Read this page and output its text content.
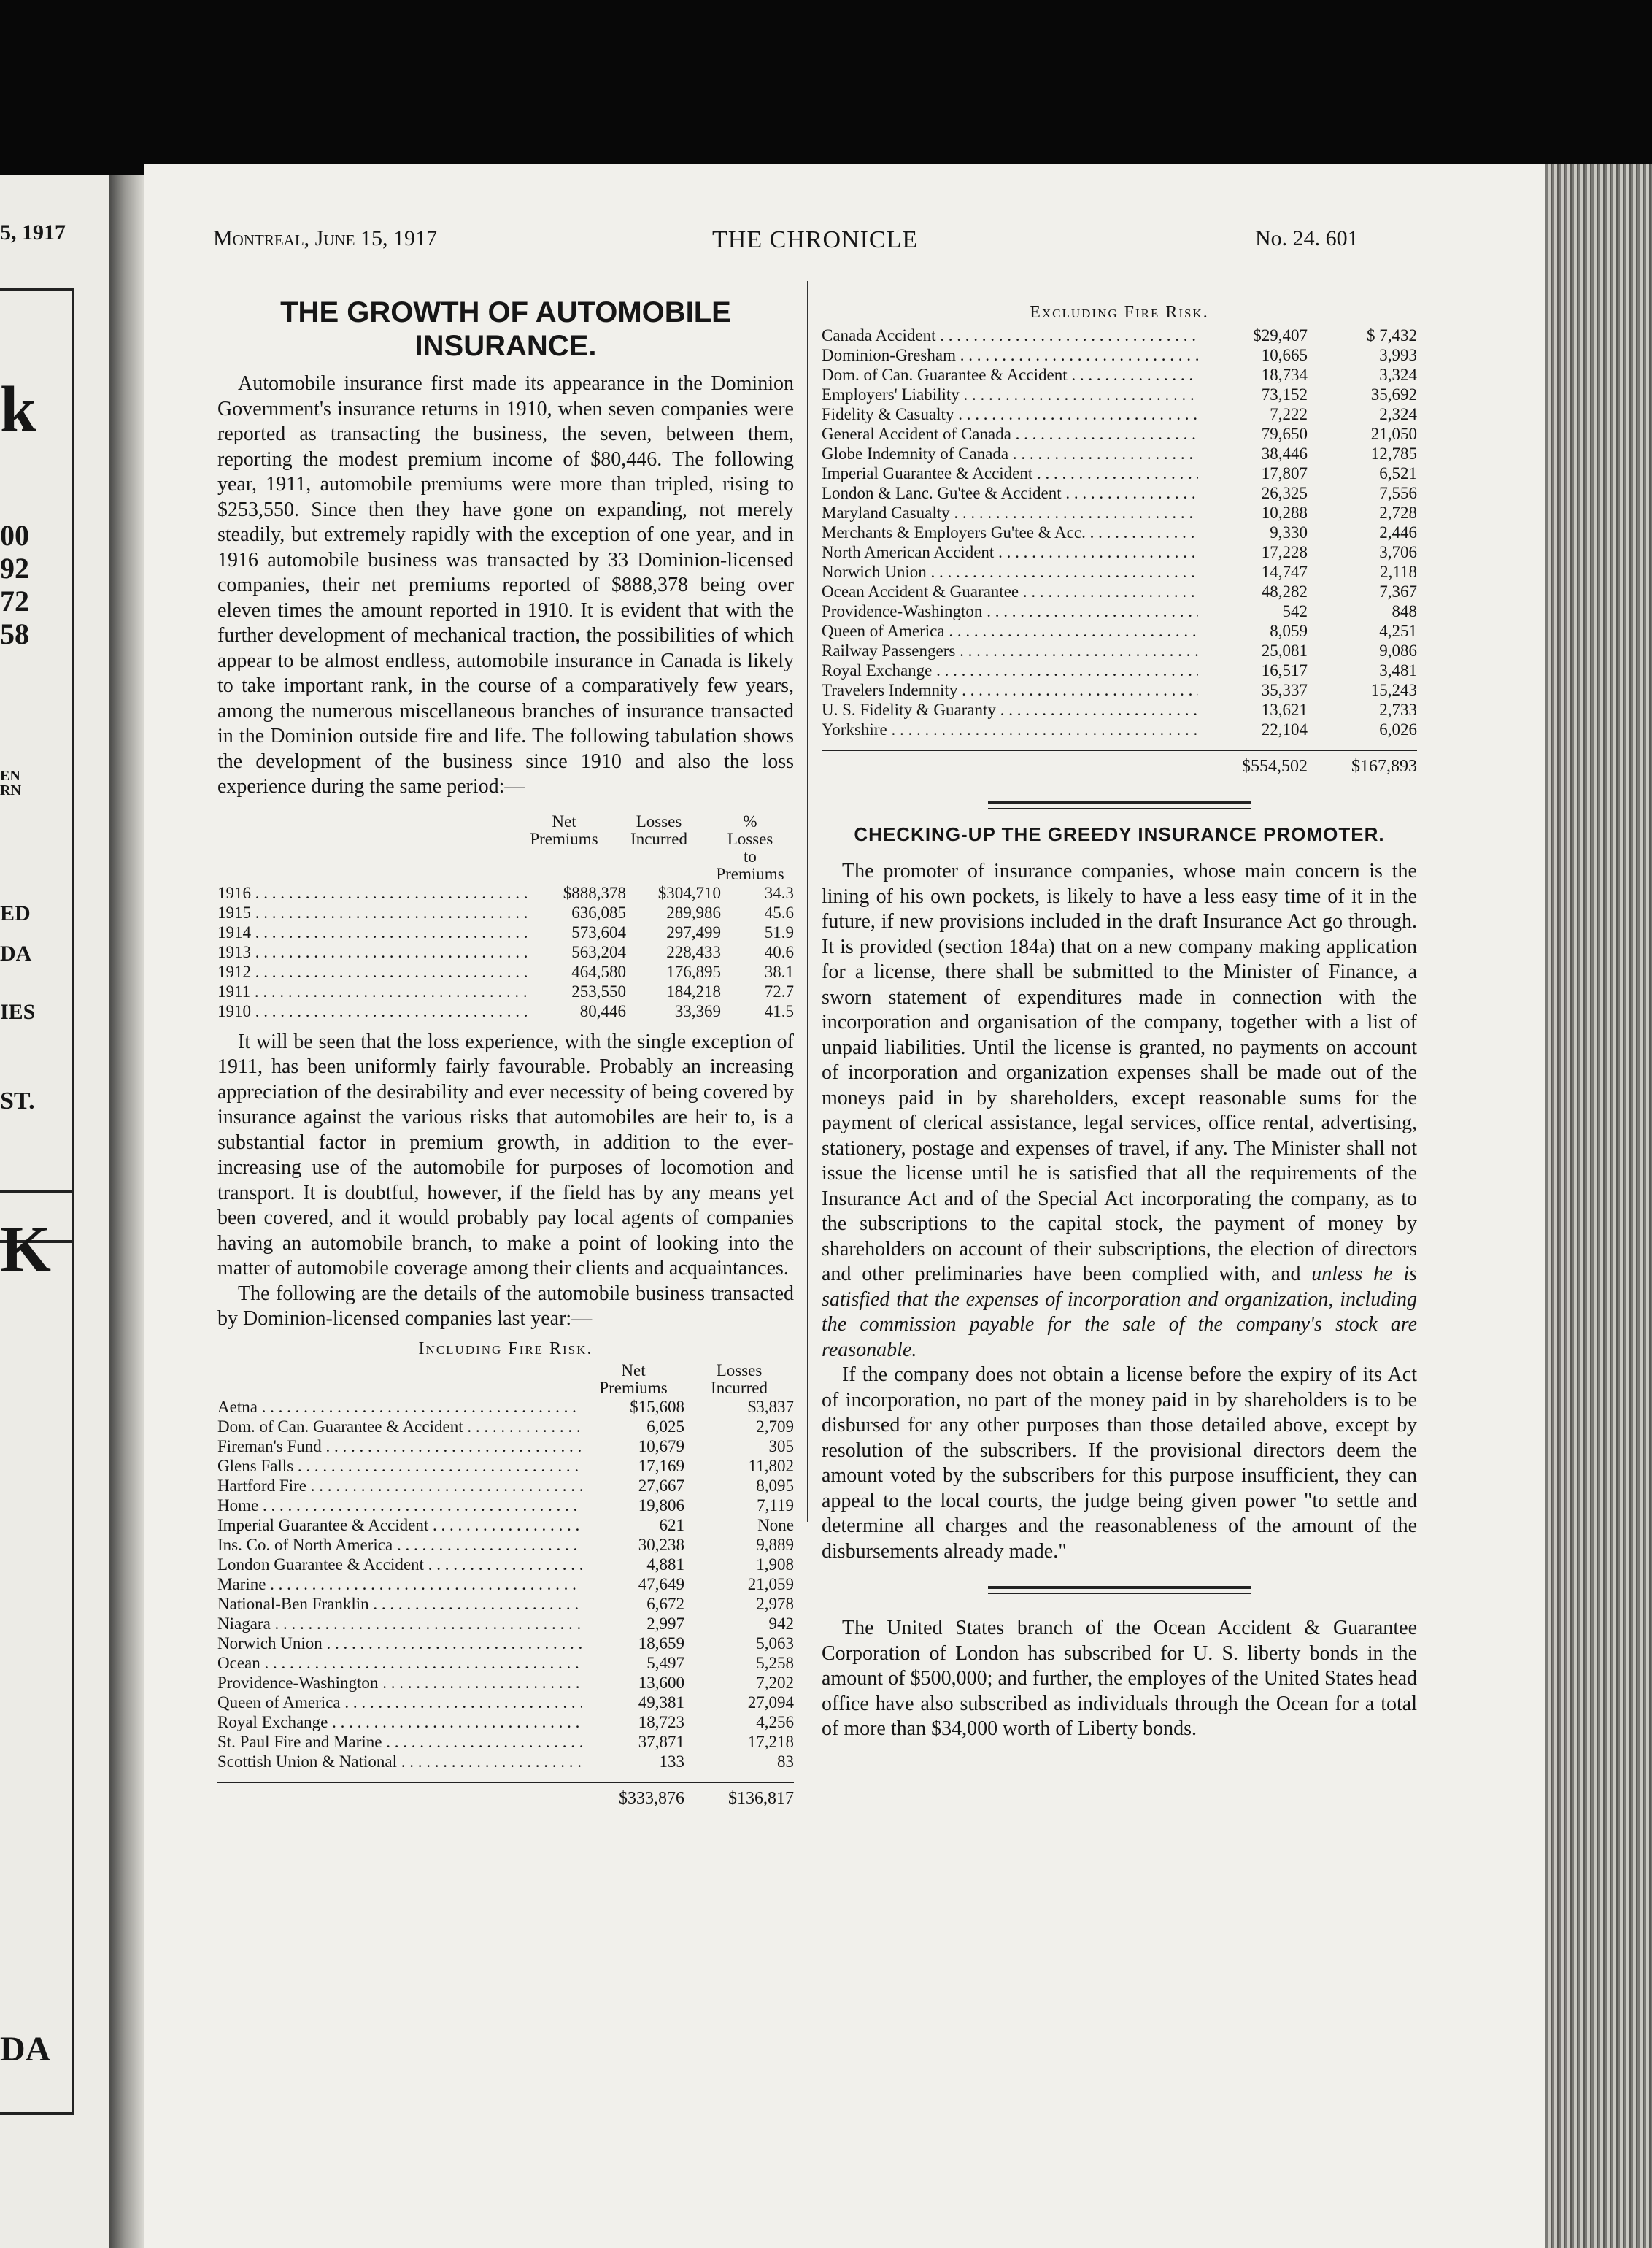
5, 1917
k
00
92
72
58
EN
RN
ED
DA
IES
ST.
K
DA
Montreal, June 15, 1917	THE CHRONICLE	No. 24. 601
THE GROWTH OF AUTOMOBILE INSURANCE.

Automobile insurance first made its appearance in the Dominion Government's insurance returns in 1910, when seven companies were reported as transacting the business, the seven, between them, reporting the modest premium income of $80,446. The following year, 1911, automobile premiums were more than tripled, rising to $253,550. Since then they have gone on expanding, not merely steadily, but extremely rapidly with the exception of one year, and in 1916 automobile business was transacted by 33 Dominion-licensed companies, their net premiums reported of $888,378 being over eleven times the amount reported in 1910. It is evident that with the further development of mechanical traction, the possibilities of which appear to be almost endless, automobile insurance in Canada is likely to take important rank, in the course of a comparatively few years, among the numerous miscellaneous branches of insurance transacted in the Dominion outside fire and life. The following tabulation shows the development of the business since 1910 and also the loss experience during the same period:—

Net
Premiums
Losses
Incurred
%
Losses
to
Premiums
1916 . . .	$888,378	$304,710	34.3
1915 . . .	636,085	289,986	45.6
1914 . . .	573,604	297,499	51.9
1913 . . .	563,204	228,433	40.6
1912 . . .	464,580	176,895	38.1
1911 . . .	253,550	184,218	72.7
1910 . . .	80,446	33,369	41.5

It will be seen that the loss experience, with the single exception of 1911, has been uniformly fairly favourable. Probably an increasing appreciation of the desirability and ever necessity of being covered by insurance against the various risks that automobiles are heir to, is a substantial factor in premium growth, in addition to the ever-increasing use of the automobile for purposes of locomotion and transport. It is doubtful, however, if the field has by any means yet been covered, and it would probably pay local agents of companies having an automobile branch, to make a point of looking into the matter of automobile coverage among their clients and acquaintances.

The following are the details of the automobile business transacted by Dominion-licensed companies last year:—

Including Fire Risk.
Net
Premiums
Losses
Incurred
Aetna . . .	$15,608	$3,837
Dom. of Can. Guarantee & Accident . . .	6,025	2,709
Fireman's Fund . . .	10,679	305
Glens Falls . . .	17,169	11,802
Hartford Fire . . .	27,667	8,095
Home . . .	19,806	7,119
Imperial Guarantee & Accident . . .	621	None
Ins. Co. of North America . . .	30,238	9,889
London Guarantee & Accident . . .	4,881	1,908
Marine . . .	47,649	21,059
National-Ben Franklin . . .	6,672	2,978
Niagara . . .	2,997	942
Norwich Union . . .	18,659	5,063
Ocean . . .	5,497	5,258
Providence-Washington . . .	13,600	7,202
Queen of America . . .	49,381	27,094
Royal Exchange . . .	18,723	4,256
St. Paul Fire and Marine . . .	37,871	17,218
Scottish Union & National . . .	133	83
$333,876	$136,817
Excluding Fire Risk.
Canada Accident . . .	$29,407	$ 7,432
Dominion-Gresham . . .	10,665	3,993
Dom. of Can. Guarantee & Accident . . .	18,734	3,324
Employers' Liability . . .	73,152	35,692
Fidelity & Casualty . . .	7,222	2,324
General Accident of Canada . . .	79,650	21,050
Globe Indemnity of Canada . . .	38,446	12,785
Imperial Guarantee & Accident . . .	17,807	6,521
London & Lanc. Gu'tee & Accident . . .	26,325	7,556
Maryland Casualty . . .	10,288	2,728
Merchants & Employers Gu'tee & Acc. . . .	9,330	2,446
North American Accident . . .	17,228	3,706
Norwich Union . . .	14,747	2,118
Ocean Accident & Guarantee . . .	48,282	7,367
Providence-Washington . . .	542	848
Queen of America . . .	8,059	4,251
Railway Passengers . . .	25,081	9,086
Royal Exchange . . .	16,517	3,481
Travelers Indemnity . . .	35,337	15,243
U. S. Fidelity & Guaranty . . .	13,621	2,733
Yorkshire . . .	22,104	6,026
$554,502	$167,893
CHECKING-UP THE GREEDY INSURANCE PROMOTER.

The promoter of insurance companies, whose main concern is the lining of his own pockets, is likely to have a less easy time of it in the future, if new provisions included in the draft Insurance Act go through. It is provided (section 184a) that on a new company making application for a license, there shall be submitted to the Minister of Finance, a sworn statement of expenditures made in connection with the incorporation and organisation of the company, together with a list of unpaid liabilities. Until the license is granted, no payments on account of incorporation and organization expenses shall be made out of the moneys paid in by shareholders, except reasonable sums for the payment of clerical assistance, legal services, office rental, advertising, stationery, postage and expenses of travel, if any. The Minister shall not issue the license until he is satisfied that all the requirements of the Insurance Act and of the Special Act incorporating the company, as to the subscriptions to the capital stock, the payment of money by shareholders on account of their subscriptions, the election of directors and other preliminaries have been complied with, and unless he is satisfied that the expenses of incorporation and organization, including the commission payable for the sale of the company's stock are reasonable.

If the company does not obtain a license before the expiry of its Act of incorporation, no part of the money paid in by shareholders is to be disbursed for any other purposes than those detailed above, except by resolution of the subscribers. If the provisional directors deem the amount voted by the subscribers for this purpose insufficient, they can appeal to the local courts, the judge being given power "to settle and determine all charges and the reasonableness of the amount of the disbursements already made."

The United States branch of the Ocean Accident & Guarantee Corporation of London has subscribed for U. S. liberty bonds in the amount of $500,000; and further, the employes of the United States head office have also subscribed as individuals through the Ocean for a total of more than $34,000 worth of Liberty bonds.
